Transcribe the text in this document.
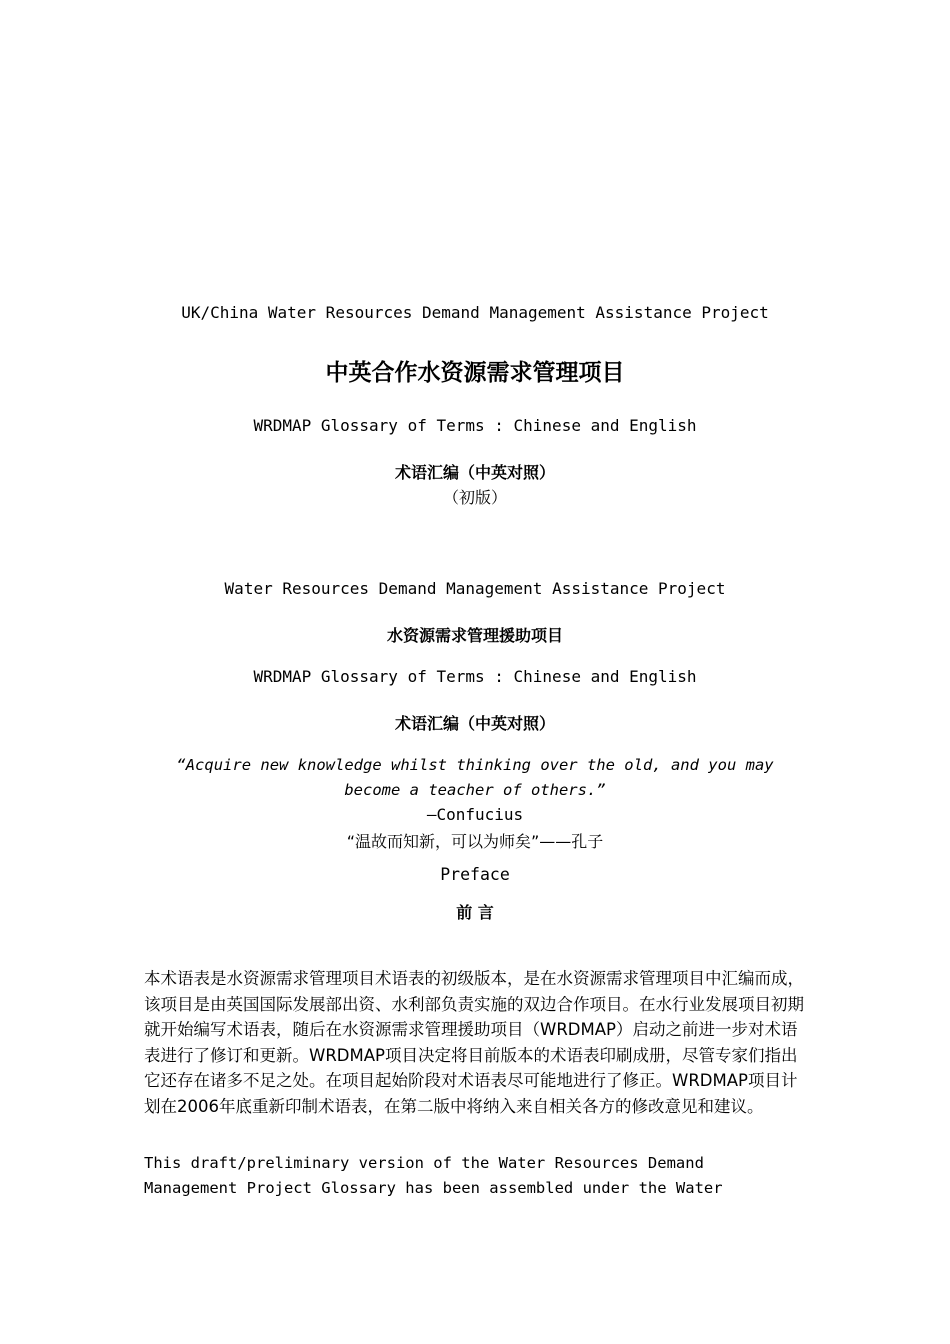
UK/China Water Resources Demand Management Assistance Project
中英合作水资源需求管理项目
WRDMAP Glossary of Terms : Chinese and English
术语汇编（中英对照）
（初版）
Water Resources Demand Management Assistance Project
水资源需求管理援助项目
WRDMAP Glossary of Terms : Chinese and English
术语汇编（中英对照）
“Acquire new knowledge whilst thinking over the old, and you may
become a teacher of others.”
—Confucius
“温故而知新，可以为师矣”——孔子
Preface
前 言

本术语表是水资源需求管理项目术语表的初级版本，是在水资源需求管理项目中汇编而成，该项目是由英国国际发展部出资、水利部负责实施的双边合作项目。在水行业发展项目初期就开始编写术语表，随后在水资源需求管理援助项目（WRDMAP）启动之前进一步对术语表进行了修订和更新。WRDMAP项目决定将目前版本的术语表印刷成册，尽管专家们指出它还存在诸多不足之处。在项目起始阶段对术语表尽可能地进行了修正。WRDMAP项目计划在2006年底重新印制术语表，在第二版中将纳入来自相关各方的修改意见和建议。

This draft/preliminary version of the Water Resources Demand
Management Project Glossary has been assembled under the Water
